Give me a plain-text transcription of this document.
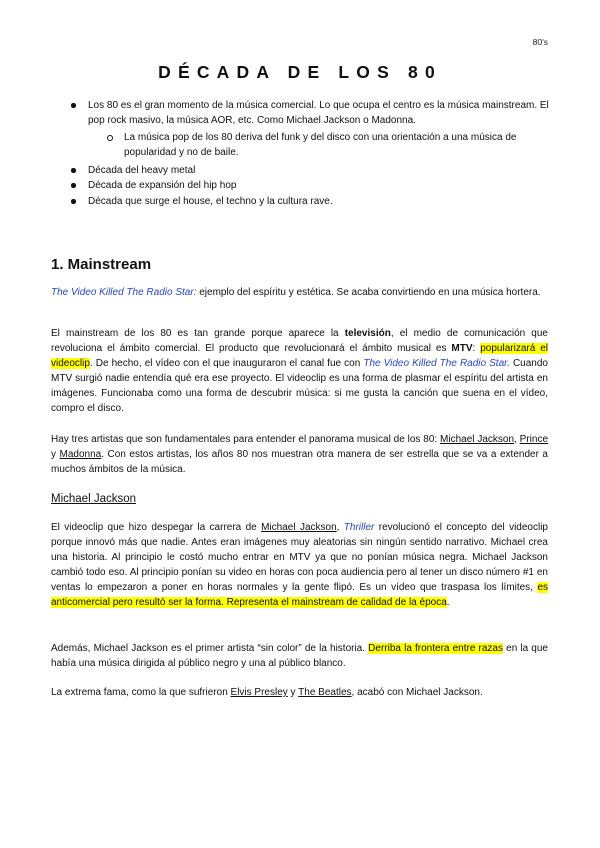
80's
DÉCADA DE LOS 80
Los 80 es el gran momento de la música comercial. Lo que ocupa el centro es la música mainstream. El pop rock masivo, la música AOR, etc. Como Michael Jackson o Madonna.
La música pop de los 80 deriva del funk y del disco con una orientación a una música de popularidad y no de baile.
Década del heavy metal
Década de expansión del hip hop
Década que surge el house, el techno y la cultura rave.
1. Mainstream
The Video Killed The Radio Star: ejemplo del espíritu y estética. Se acaba convirtiendo en una música hortera.
El mainstream de los 80 es tan grande porque aparece la televisión, el medio de comunicación que revoluciona el ámbito comercial. El producto que revolucionará el ámbito musical es MTV: popularizará el videoclip. De hecho, el vídeo con el que inauguraron el canal fue con The Video Killed The Radio Star. Cuando MTV surgió nadie entendía qué era ese proyecto. El videoclip es una forma de plasmar el espíritu del artista en imágenes. Funcionaba como una forma de descubrir música: si me gusta la canción que suena en el vídeo, compro el disco.
Hay tres artistas que son fundamentales para entender el panorama musical de los 80: Michael Jackson, Prince y Madonna. Con estos artistas, los años 80 nos muestran otra manera de ser estrella que se va a extender a muchos ámbitos de la música.
Michael Jackson
El videoclip que hizo despegar la carrera de Michael Jackson, Thriller revolucionó el concepto del videoclip porque innovó más que nadie. Antes eran imágenes muy aleatorias sin ningún sentido narrativo. Michael crea una historia. Al principio le costó mucho entrar en MTV ya que no ponían música negra. Michael Jackson cambió todo eso. Al principio ponían su video en horas con poca audiencia pero al tener un disco número #1 en ventas lo empezaron a poner en horas normales y la gente flipó. Es un vídeo que traspasa los límites, es anticomercial pero resultó ser la forma. Representa el mainstream de calidad de la época.
Además, Michael Jackson es el primer artista “sin color” de la historia. Derriba la frontera entre razas en la que había una música dirigida al público negro y una al público blanco.
La extrema fama, como la que sufrieron Elvis Presley y The Beatles, acabó con Michael Jackson.
